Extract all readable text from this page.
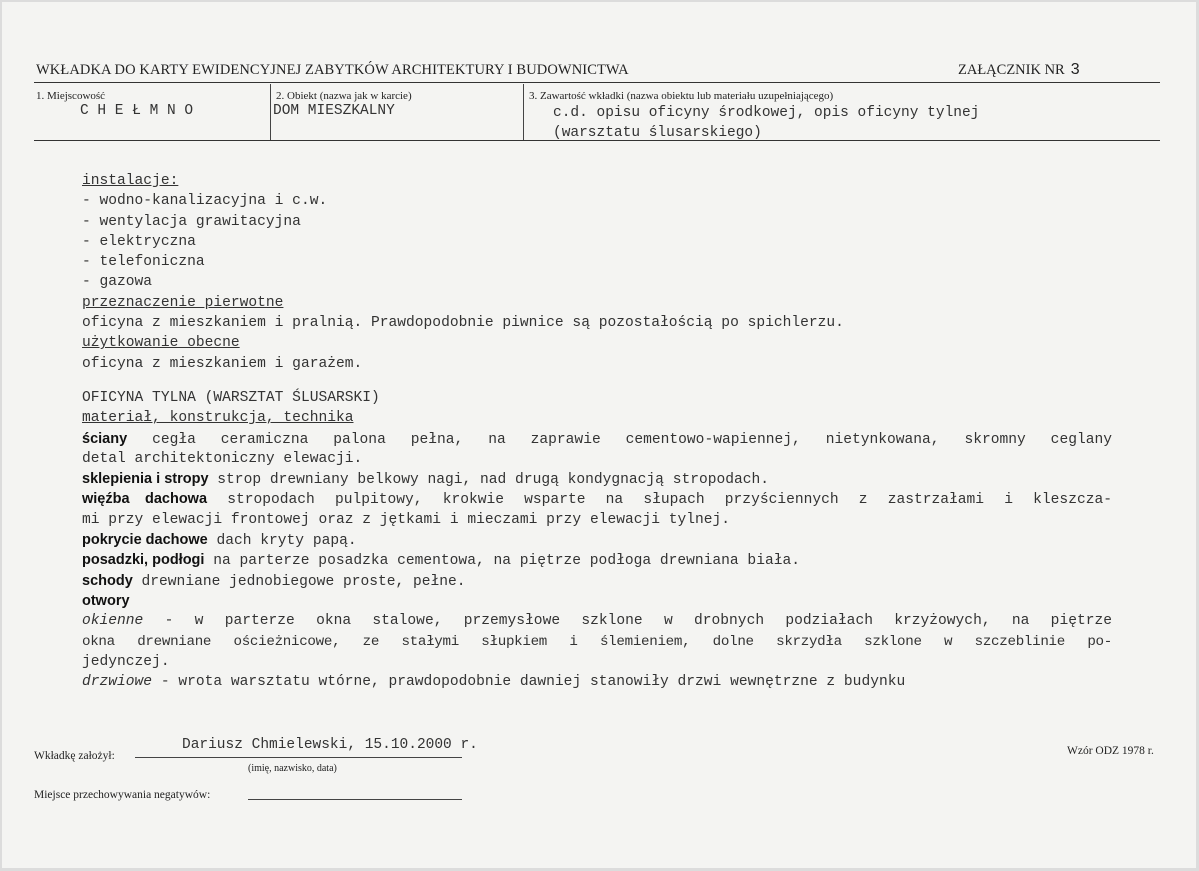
WKŁADKA DO KARTY EWIDENCYJNEJ ZABYTKÓW ARCHITEKTURY I BUDOWNICTWA	ZAŁĄCZNIK NR 3
1. Miejscowość
C H E Ł M N O
2. Obiekt (nazwa jak w karcie)
DOM MIESZKALNY
3. Zawartość wkładki (nazwa obiektu lub materiału uzupełniającego)
c.d. opisu oficyny środkowej, opis oficyny tylnej
(warsztatu ślusarskiego)
instalacje:
- wodno-kanalizacyjna i c.w.
- wentylacja grawitacyjna
- elektryczna
- telefoniczna
- gazowa
przeznaczenie pierwotne
oficyna z mieszkaniem i pralnią. Prawdopodobnie piwnice są pozostałością po spichlerzu.
użytkowanie obecne
oficyna z mieszkaniem i garażem.
OFICYNA TYLNA (WARSZTAT ŚLUSARSKI)
materiał, konstrukcja, technika
ściany cegła ceramiczna palona pełna, na zaprawie cementowo-wapiennej, nietynkowana, skromny ceglany
detal architektoniczny elewacji.
sklepienia i stropy strop drewniany belkowy nagi, nad drugą kondygnacją stropodach.
więźba dachowa stropodach pulpitowy, krokwie wsparte na słupach przyściennych z zastrzałami i kleszcza-
mi przy elewacji frontowej oraz z jętkami i mieczami przy elewacji tylnej.
pokrycie dachowe dach kryty papą.
posadzki, podłogi na parterze posadzka cementowa, na piętrze podłoga drewniana biała.
schody drewniane jednobiegowe proste, pełne.
otwory
okienne - w parterze okna stalowe, przemysłowe szklone w drobnych podziałach krzyżowych, na piętrze
okna drewniane ościeżnicowe, ze stałymi słupkiem i ślemieniem, dolne skrzydła szklone w szczeblinie po-
jedynczej.
drzwiowe - wrota warsztatu wtórne, prawdopodobnie dawniej stanowiły drzwi wewnętrzne z budynku
Wkładkę założył:
Dariusz Chmielewski, 15.10.2000 r.
(imię, nazwisko, data)
Wzór ODZ 1978 r.
Miejsce przechowywania negatywów:
